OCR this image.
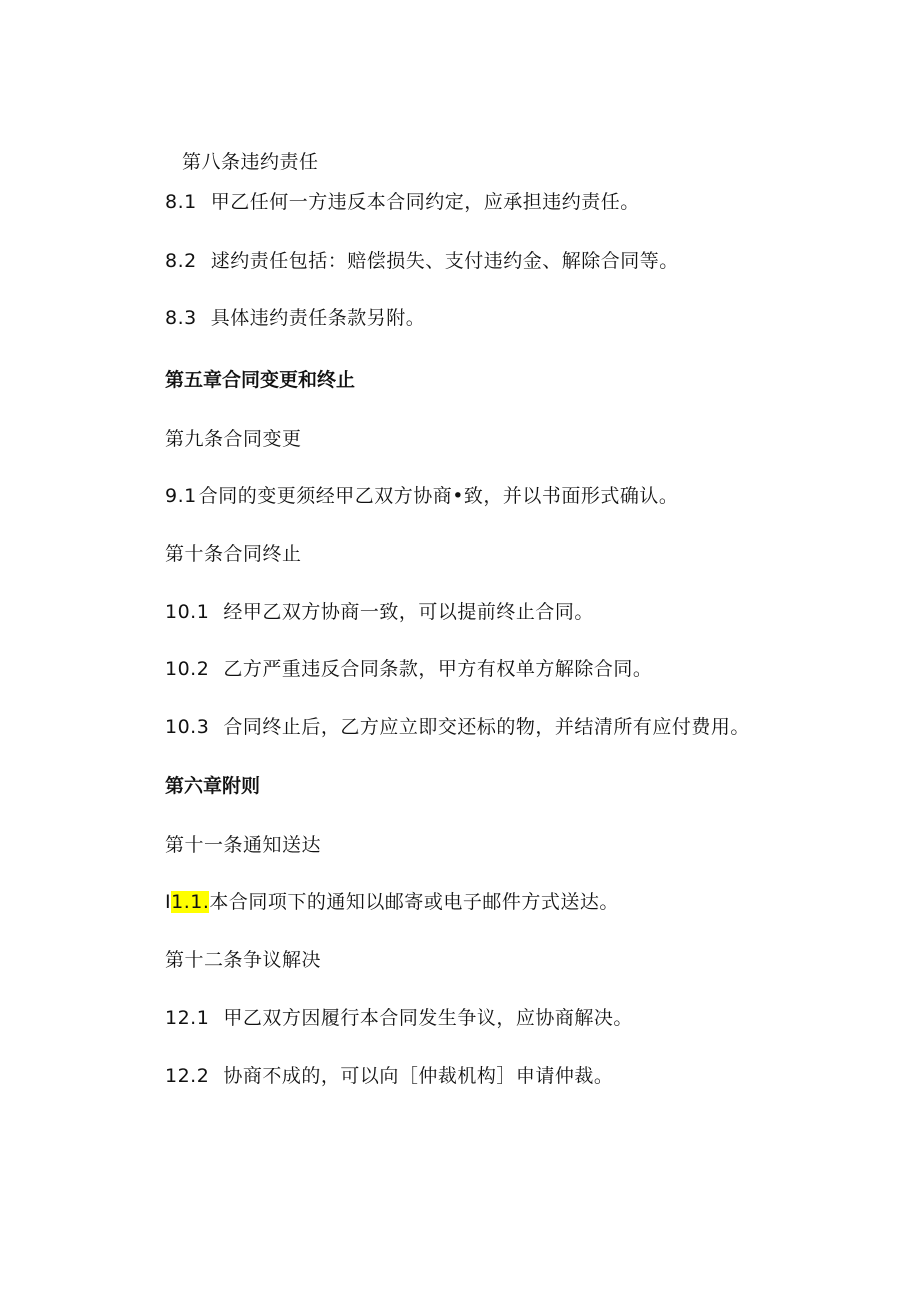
第八条违约责任
8.1 甲乙任何一方违反本合同约定，应承担违约责任。
8.2 逑约责任包括：赔偿损失、支付违约金、解除合同等。
8.3 具体违约责任条款另附。
第五章合同变更和终止
第九条合同变更
9.1 合同的变更须经甲乙双方协商•致，并以书面形式确认。
第十条合同终止
10.1 经甲乙双方协商一致，可以提前终止合同。
10.2 乙方严重违反合同条款，甲方有权单方解除合同。
10.3 合同终止后，乙方应立即交还标的物，并结清所有应付费用。
第六章附则
第十一条通知送达
I1.1.本合同项下的通知以邮寄或电子邮件方式送达。
第十二条争议解决
12.1 甲乙双方因履行本合同发生争议，应协商解决。
12.2 协商不成的，可以向［仲裁机构］申请仲裁。
